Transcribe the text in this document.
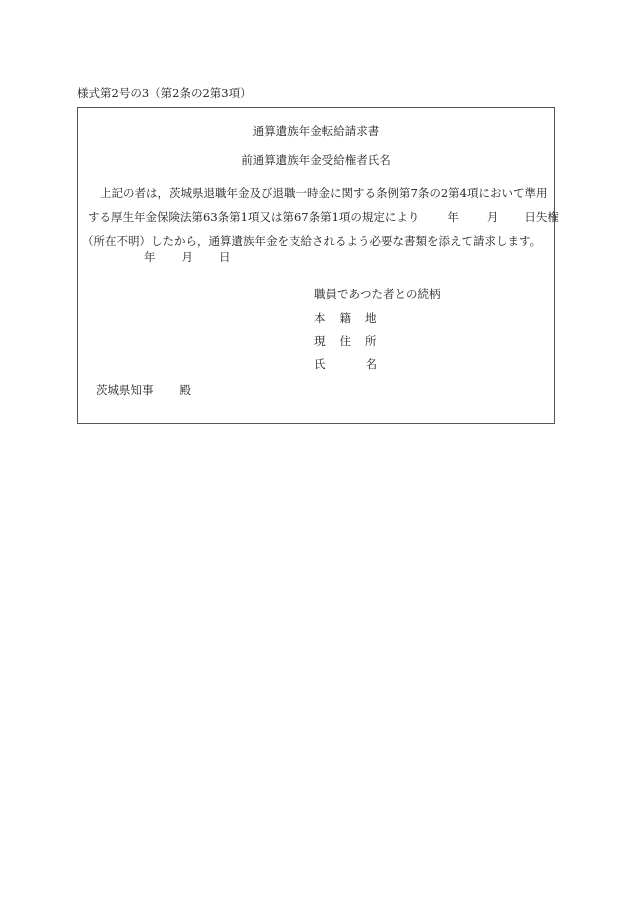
様式第2号の3（第2条の2第3項）
通算遺族年金転給請求書
前通算遺族年金受給権者氏名
上記の者は，茨城県退職年金及び退職一時金に関する条例第7条の2第4項において準用
する厚生年金保険法第63条第1項又は第67条第1項の規定により 年 月 日失権
（所在不明）したから，通算遺族年金を支給されるよう必要な書類を添えて請求します。
年 月 日
職員であつた者との続柄
本 籍 地
現 住 所
氏	名
茨城県知事 殿
